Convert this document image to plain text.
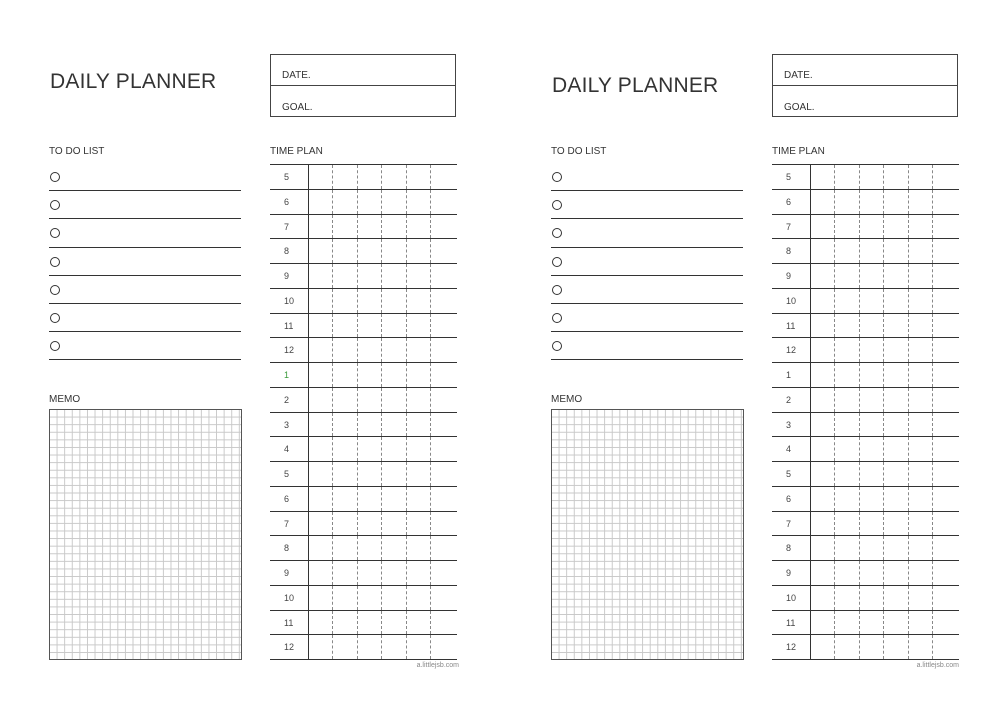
DAILY PLANNER	DATE.
GOAL.
TO DO LIST
MEMO
TIME PLAN
5
6
7
8
9
10
11
12
1
2
3
4
5
6
7
8
9
10
11
12
a.littlejsb.com
DAILY PLANNER	DATE.
GOAL.
TO DO LIST
MEMO
TIME PLAN
5
6
7
8
9
10
11
12
1
2
3
4
5
6
7
8
9
10
11
12
a.littlejsb.com
